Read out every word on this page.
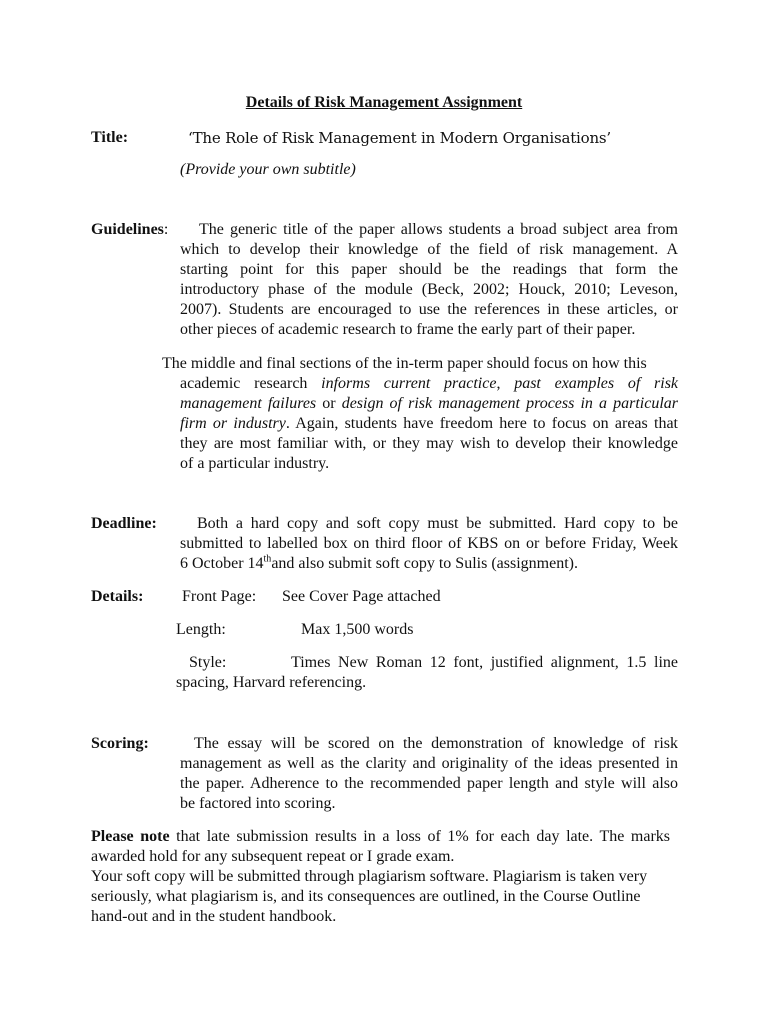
Details of Risk Management Assignment
Title:	‘The Role of Risk Management in Modern Organisations’
(Provide your own subtitle)
Guidelines: The generic title of the paper allows students a broad subject area from
which to develop their knowledge of the field of risk management. A
starting point for this paper should be the readings that form the
introductory phase of the module (Beck, 2002; Houck, 2010; Leveson,
2007). Students are encouraged to use the references in these articles, or
other pieces of academic research to frame the early part of their paper.
The middle and final sections of the in-term paper should focus on how this
academic research informs current practice, past examples of risk
management failures or design of risk management process in a particular
firm or industry. Again, students have freedom here to focus on areas that
they are most familiar with, or they may wish to develop their knowledge
of a particular industry.
Deadline:	Both a hard copy and soft copy must be submitted. Hard copy to be
submitted to labelled box on third floor of KBS on or before Friday, Week
6 October 14thand also submit soft copy to Sulis (assignment).
Details: Front Page: See Cover Page attached
Length:	Max 1,500 words
Style:	Times New Roman 12 font, justified alignment, 1.5 line
spacing, Harvard referencing.
Scoring:	The essay will be scored on the demonstration of knowledge of risk
management as well as the clarity and originality of the ideas presented in
the paper. Adherence to the recommended paper length and style will also
be factored into scoring.
Please note that late submission results in a loss of 1% for each day late. The marks
awarded hold for any subsequent repeat or I grade exam.
Your soft copy will be submitted through plagiarism software. Plagiarism is taken very
seriously, what plagiarism is, and its consequences are outlined, in the Course Outline
hand-out and in the student handbook.
